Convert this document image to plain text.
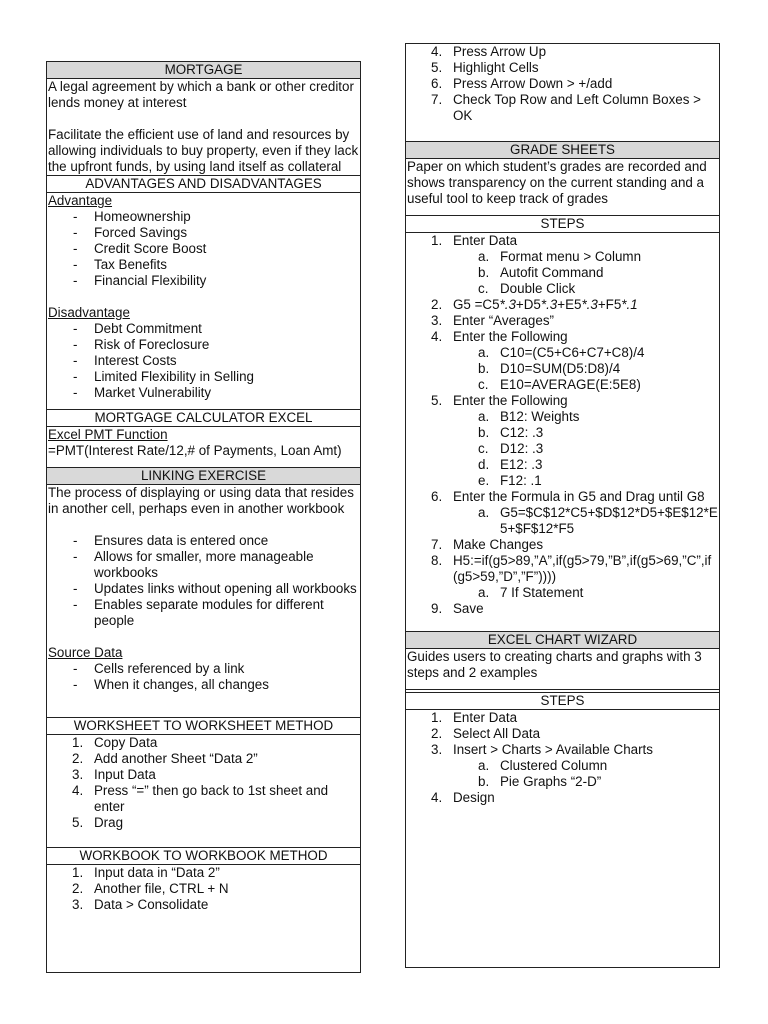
MORTGAGE

A legal agreement by which a bank or other creditor lends money at interest

Facilitate the efficient use of land and resources by allowing individuals to buy property, even if they lack the upfront funds, by using land itself as collateral

ADVANTAGES AND DISADVANTAGES

Advantage

- Homeownership
- Forced Savings
- Credit Score Boost
- Tax Benefits
- Financial Flexibility

Disadvantage

- Debt Commitment
- Risk of Foreclosure
- Interest Costs
- Limited Flexibility in Selling
- Market Vulnerability
MORTGAGE CALCULATOR EXCEL

Excel PMT Function

=PMT(Interest Rate/12,# of Payments, Loan Amt)

LINKING EXERCISE

The process of displaying or using data that resides in another cell, perhaps even in another workbook

- Ensures data is entered once
- Allows for smaller, more manageable workbooks
- Updates links without opening all workbooks
- Enables separate modules for different people

Source Data

- Cells referenced by a link
- When it changes, all changes
WORKSHEET TO WORKSHEET METHOD
1. Copy Data
2. Add another Sheet “Data 2”
3. Input Data
4. Press “=” then go back to 1st sheet and enter
5. Drag
WORKBOOK TO WORKBOOK METHOD
1. Input data in “Data 2”
2. Another file, CTRL + N
3. Data > Consolidate
4. Press Arrow Up
5. Highlight Cells
6. Press Arrow Down > +/add
7. Check Top Row and Left Column Boxes > OK
GRADE SHEETS

Paper on which student’s grades are recorded and shows transparency on the current standing and a useful tool to keep track of grades

STEPS
1. Enter Data
a. Format menu > Column
b. Autofit Command
c. Double Click
2. G5 =C5*.3+D5*.3+E5*.3+F5*.1
3. Enter “Averages”
4. Enter the Following
a. C10=(C5+C6+C7+C8)/4
b. D10=SUM(D5:D8)/4
c. E10=AVERAGE(E:5E8)
5. Enter the Following
a. B12: Weights
b. C12: .3
c. D12: .3
d. E12: .3
e. F12: .1
6. Enter the Formula in G5 and Drag until G8
a. G5=$C$12*C5+$D$12*D5+$E$12*E5+$F$12*F5
7. Make Changes
8. H5:=if(g5>89,”A”,if(g5>79,”B”,if(g5>69,”C”,if(g5>59,”D”,”F”))))
a. 7 If Statement
9. Save
EXCEL CHART WIZARD

Guides users to creating charts and graphs with 3 steps and 2 examples

STEPS
1. Enter Data
2. Select All Data
3. Insert > Charts > Available Charts
a. Clustered Column
b. Pie Graphs “2-D”
4. Design
